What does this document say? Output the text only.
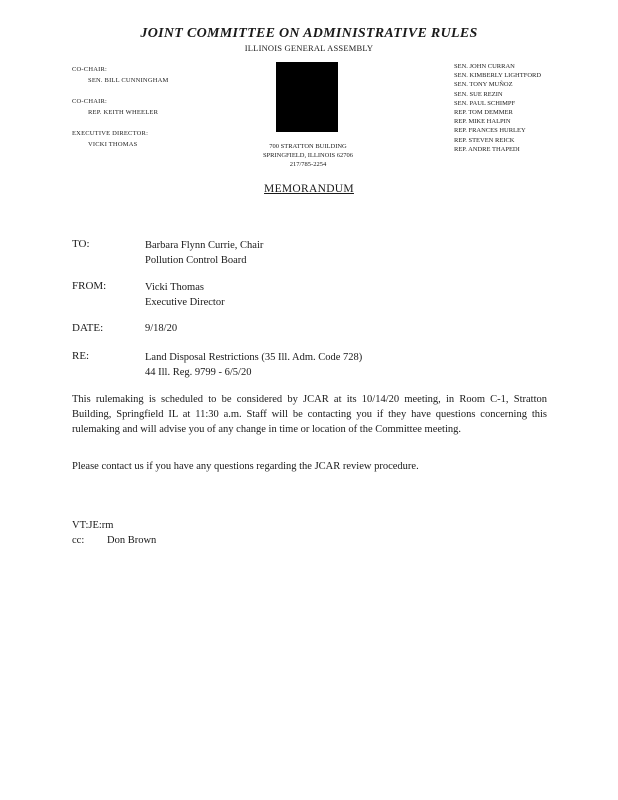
JOINT COMMITTEE ON ADMINISTRATIVE RULES
ILLINOIS GENERAL ASSEMBLY
CO-CHAIR:
SEN. BILL CUNNINGHAM
CO-CHAIR:
REP. KEITH WHEELER
EXECUTIVE DIRECTOR:
VICKI THOMAS	700 STRATTON BUILDING
SPRINGFIELD, ILLINOIS 62706
217/785-2254
SEN. JOHN CURRAN
SEN. KIMBERLY LIGHTFORD
SEN. TONY MUÑOZ
SEN. SUE REZIN
SEN. PAUL SCHIMPF
REP. TOM DEMMER
REP. MIKE HALPIN
REP. FRANCES HURLEY
REP. STEVEN REICK
REP. ANDRE THAPEDI
MEMORANDUM
TO:	Barbara Flynn Currie, Chair
Pollution Control Board
FROM:	Vicki Thomas
Executive Director
DATE:	9/18/20
RE:	Land Disposal Restrictions (35 Ill. Adm. Code 728)
44 Ill. Reg. 9799 - 6/5/20
This rulemaking is scheduled to be considered by JCAR at its 10/14/20 meeting, in Room C-1, Stratton Building, Springfield IL at 11:30 a.m. Staff will be contacting you if they have questions concerning this rulemaking and will advise you of any change in time or location of the Committee meeting.
Please contact us if you have any questions regarding the JCAR review procedure.
VT:JE:rm
cc: Don Brown
